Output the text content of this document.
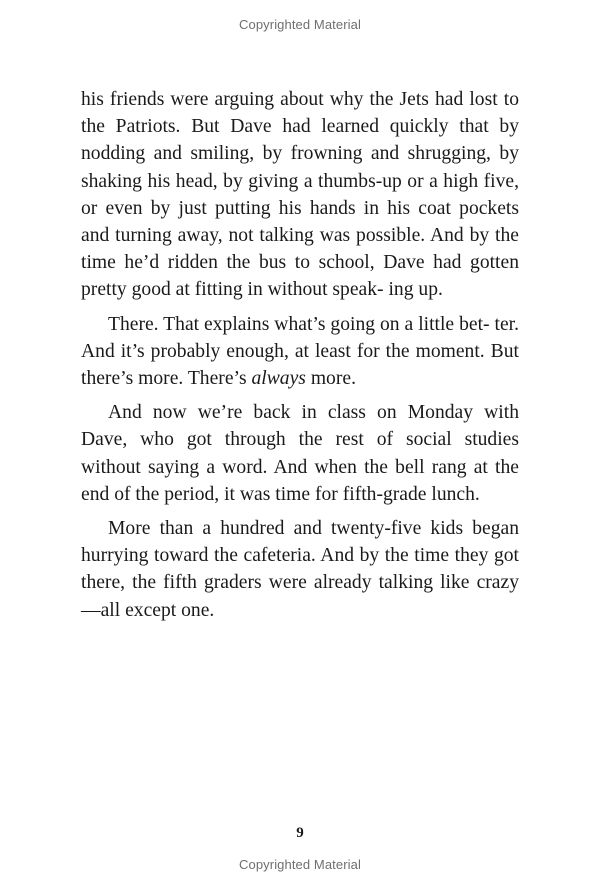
Copyrighted Material

his friends were arguing about why the Jets had lost to the Patriots. But Dave had learned quickly that by nodding and smiling, by frowning and shrugging, by shaking his head, by giving a thumbs-up or a high five, or even by just putting his hands in his coat pockets and turning away, not talking was possible. And by the time he’d ridden the bus to school, Dave had gotten pretty good at fitting in without speak- ing up.

There. That explains what’s going on a little bet- ter. And it’s probably enough, at least for the moment. But there’s more. There’s always more.

And now we’re back in class on Monday with Dave, who got through the rest of social studies without saying a word. And when the bell rang at the end of the period, it was time for fifth-grade lunch.

More than a hundred and twenty-five kids began hurrying toward the cafeteria. And by the time they got there, the fifth graders were already talking like crazy—all except one.

9
Copyrighted Material
